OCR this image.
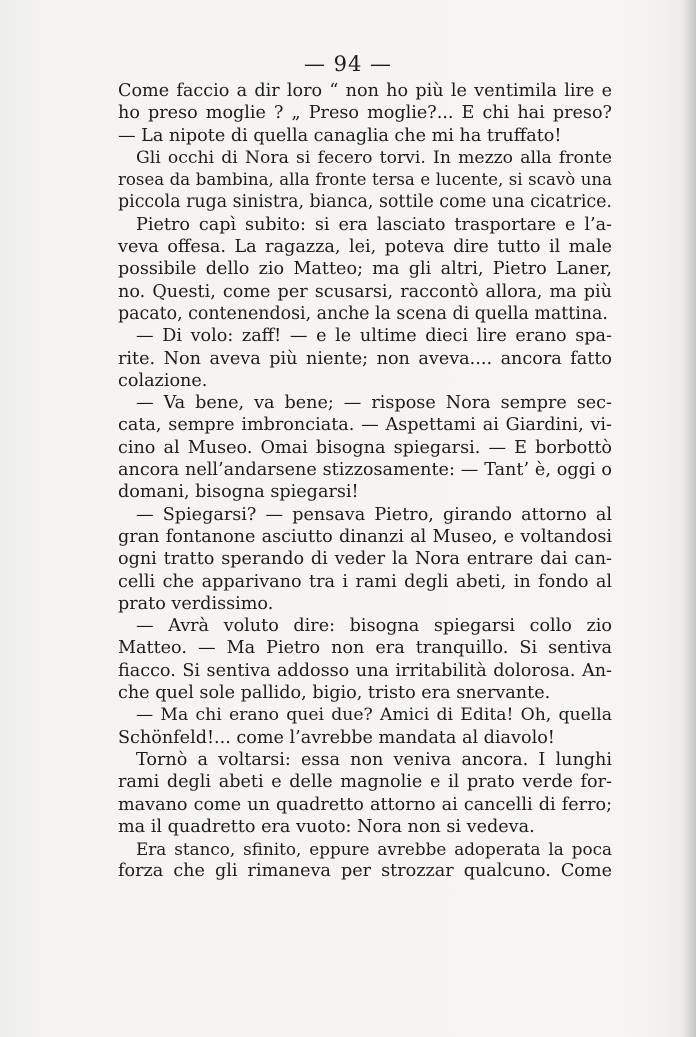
— 94 —
Come faccio a dir loro “ non ho più le ventimila lire e
ho preso moglie ? „ Preso moglie?... E chi hai preso?
— La nipote di quella canaglia che mi ha truffato!
Gli occhi di Nora si fecero torvi. In mezzo alla fronte
rosea da bambina, alla fronte tersa e lucente, si scavò una
piccola ruga sinistra, bianca, sottile come una cicatrice.
Pietro capì subito: si era lasciato trasportare e l’a-
veva offesa. La ragazza, lei, poteva dire tutto il male
possibile dello zio Matteo; ma gli altri, Pietro Laner,
no. Questi, come per scusarsi, raccontò allora, ma più
pacato, contenendosi, anche la scena di quella mattina.
— Di volo: zaff! — e le ultime dieci lire erano spa-
rite. Non aveva più niente; non aveva.... ancora fatto
colazione.
— Va bene, va bene; — rispose Nora sempre sec-
cata, sempre imbronciata. — Aspettami ai Giardini, vi-
cino al Museo. Omai bisogna spiegarsi. — E borbottò
ancora nell’andarsene stizzosamente: — Tant’ è, oggi o
domani, bisogna spiegarsi!
— Spiegarsi? — pensava Pietro, girando attorno al
gran fontanone asciutto dinanzi al Museo, e voltandosi
ogni tratto sperando di veder la Nora entrare dai can-
celli che apparivano tra i rami degli abeti, in fondo al
prato verdissimo.
— Avrà voluto dire: bisogna spiegarsi collo zio
Matteo. — Ma Pietro non era tranquillo. Si sentiva
fiacco. Si sentiva addosso una irritabilità dolorosa. An-
che quel sole pallido, bigio, tristo era snervante.
— Ma chi erano quei due? Amici di Edita! Oh, quella
Schönfeld!... come l’avrebbe mandata al diavolo!
Tornò a voltarsi: essa non veniva ancora. I lunghi
rami degli abeti e delle magnolie e il prato verde for-
mavano come un quadretto attorno ai cancelli di ferro;
ma il quadretto era vuoto: Nora non si vedeva.
Era stanco, sfinito, eppure avrebbe adoperata la poca
forza che gli rimaneva per strozzar qualcuno. Come
